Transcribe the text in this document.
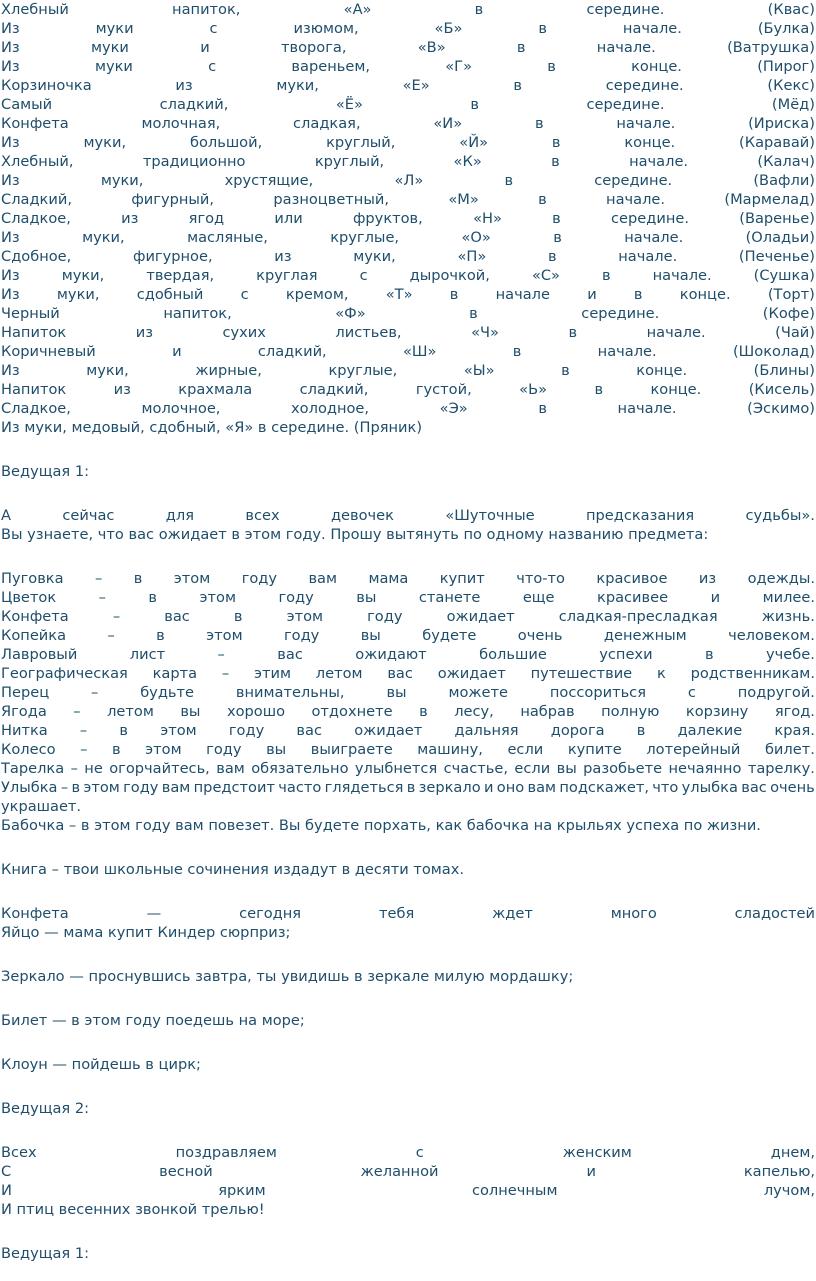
Хлебный	напиток,	«А»	в	середине.	(Квас)
Из	муки	с	изюмом,	«Б»	в	начале.	(Булка)
Из	муки	и	творога,	«В»	в	начале.	(Ватрушка)
Из	муки	с	вареньем,	«Г»	в	конце.	(Пирог)
Корзиночка	из	муки,	«Е»	в	середине.	(Кекс)
Самый	сладкий,	«Ё»	в	середине.	(Мёд)
Конфета	молочная,	сладкая,	«И»	в	начале.	(Ириска)
Из	муки,	большой,	круглый,	«Й»	в	конце.	(Каравай)
Хлебный,	традиционно	круглый,	«К»	в	начале.	(Калач)
Из	муки,	хрустящие,	«Л»	в	середине.	(Вафли)
Сладкий,	фигурный,	разноцветный,	«М»	в	начале.	(Мармелад)
Сладкое,	из	ягод	или	фруктов,	«Н»	в	середине.	(Варенье)
Из	муки,	масляные,	круглые,	«О»	в	начале.	(Оладьи)
Сдобное,	фигурное,	из	муки,	«П»	в	начале.	(Печенье)
Из	муки,	твердая,	круглая	с	дырочкой,	«С»	в	начале.	(Сушка)
Из	муки,	сдобный	с	кремом,	«Т»	в	начале	и	в	конце.	(Торт)
Черный	напиток,	«Ф»	в	середине.	(Кофе)
Напиток	из	сухих	листьев,	«Ч»	в	начале.	(Чай)
Коричневый	и	сладкий,	«Ш»	в	начале.	(Шоколад)
Из	муки,	жирные,	круглые,	«Ы»	в	конце.	(Блины)
Напиток	из	крахмала	сладкий,	густой,	«Ь»	в	конце.	(Кисель)
Сладкое,	молочное,	холодное,	«Э»	в	начале.	(Эскимо)
Из муки, медовый, сдобный, «Я» в середине. (Пряник)
Ведущая 1:
А	сейчас	для	всех	девочек	«Шуточные	предсказания	судьбы».
Вы узнаете, что вас ожидает в этом году. Прошу вытянуть по одному названию предмета:
Пуговка – в этом году вам мама купит что-то красивое из одежды.
Цветок	–	в	этом	году	вы	станете	еще	красивее	и	милее.
Конфета	–	вас	в	этом	году	ожидает	сладкая-пресладкая	жизнь.
Копейка	–	в	этом	году	вы	будете	очень	денежным	человеком.
Лавровый	лист	–	вас	ожидают	большие	успехи	в	учебе.
Географическая карта – этим летом вас ожидает путешествие к родственникам.
Перец	–	будьте	внимательны,	вы	можете	поссориться	с	подругой.
Ягода – летом вы хорошо отдохнете в лесу, набрав полную корзину ягод.
Нитка – в этом году вас ожидает дальняя дорога в далекие края.
Колесо – в этом году вы выиграете машину, если купите лотерейный билет.
Тарелка – не огорчайтесь, вам обязательно улыбнется счастье, если вы разобьете нечаянно тарелку.
Улыбка – в этом году вам предстоит часто глядеться в зеркало и оно вам подскажет, что улыбка вас очень
украшает.
Бабочка – в этом году вам повезет. Вы будете порхать, как бабочка на крыльях успеха по жизни.
Книга – твои школьные сочинения издадут в десяти томах.
Конфета	—	сегодня	тебя	ждет	много	сладостей
Яйцо — мама купит Киндер сюрприз;
Зеркало — проснувшись завтра, ты увидишь в зеркале милую мордашку;
Билет — в этом году поедешь на море;
Клоун — пойдешь в цирк;
Ведущая 2:
Всех	поздравляем	с	женским	днем,
С	весной	желанной	и	капелью,
И	ярким	солнечным	лучом,
И птиц весенних звонкой трелью!
Ведущая 1:
